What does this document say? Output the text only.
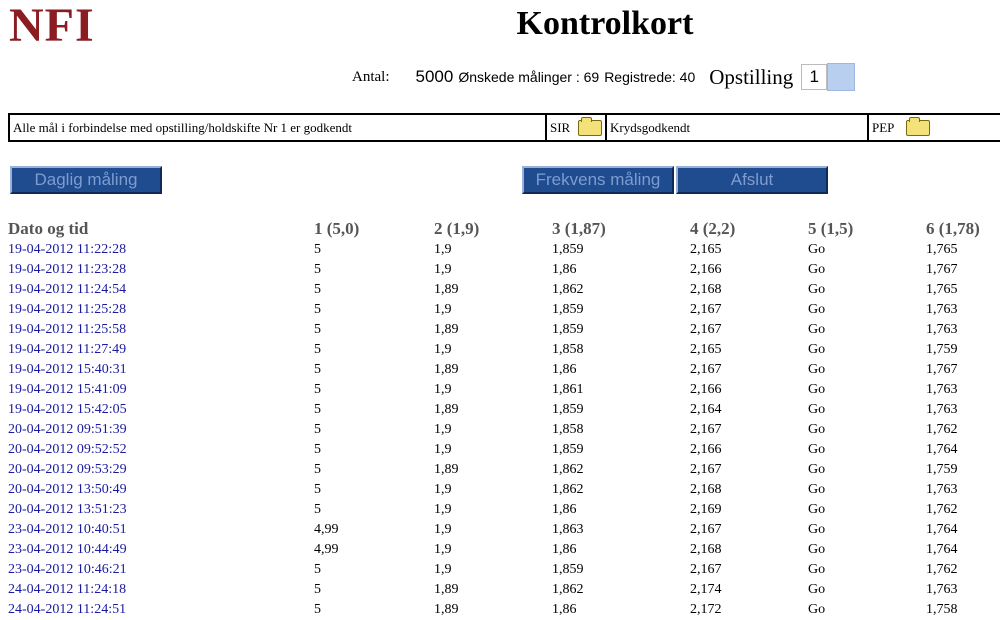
NFI	Kontrolkort
Antal: 5000 Ønskede målinger : 69 Registrede: 40 Opstilling 1
Alle mål i forbindelse med opstilling/holdskifte Nr 1 er godkendt	SIR	Krydsgodkendt	PEP
Daglig måling	Frekvens måling	Afslut
Dato og tid	1 (5,0)	2 (1,9)	3 (1,87)	4 (2,2)	5 (1,5)	6 (1,78)
19-04-2012 11:22:28	5	1,9	1,859	2,165	Go	1,765
19-04-2012 11:23:28	5	1,9	1,86	2,166	Go	1,767
19-04-2012 11:24:54	5	1,89	1,862	2,168	Go	1,765
19-04-2012 11:25:28	5	1,9	1,859	2,167	Go	1,763
19-04-2012 11:25:58	5	1,89	1,859	2,167	Go	1,763
19-04-2012 11:27:49	5	1,9	1,858	2,165	Go	1,759
19-04-2012 15:40:31	5	1,89	1,86	2,167	Go	1,767
19-04-2012 15:41:09	5	1,9	1,861	2,166	Go	1,763
19-04-2012 15:42:05	5	1,89	1,859	2,164	Go	1,763
20-04-2012 09:51:39	5	1,9	1,858	2,167	Go	1,762
20-04-2012 09:52:52	5	1,9	1,859	2,166	Go	1,764
20-04-2012 09:53:29	5	1,89	1,862	2,167	Go	1,759
20-04-2012 13:50:49	5	1,9	1,862	2,168	Go	1,763
20-04-2012 13:51:23	5	1,9	1,86	2,169	Go	1,762
23-04-2012 10:40:51	4,99	1,9	1,863	2,167	Go	1,764
23-04-2012 10:44:49	4,99	1,9	1,86	2,168	Go	1,764
23-04-2012 10:46:21	5	1,9	1,859	2,167	Go	1,762
24-04-2012 11:24:18	5	1,89	1,862	2,174	Go	1,763
24-04-2012 11:24:51	5	1,89	1,86	2,172	Go	1,758
